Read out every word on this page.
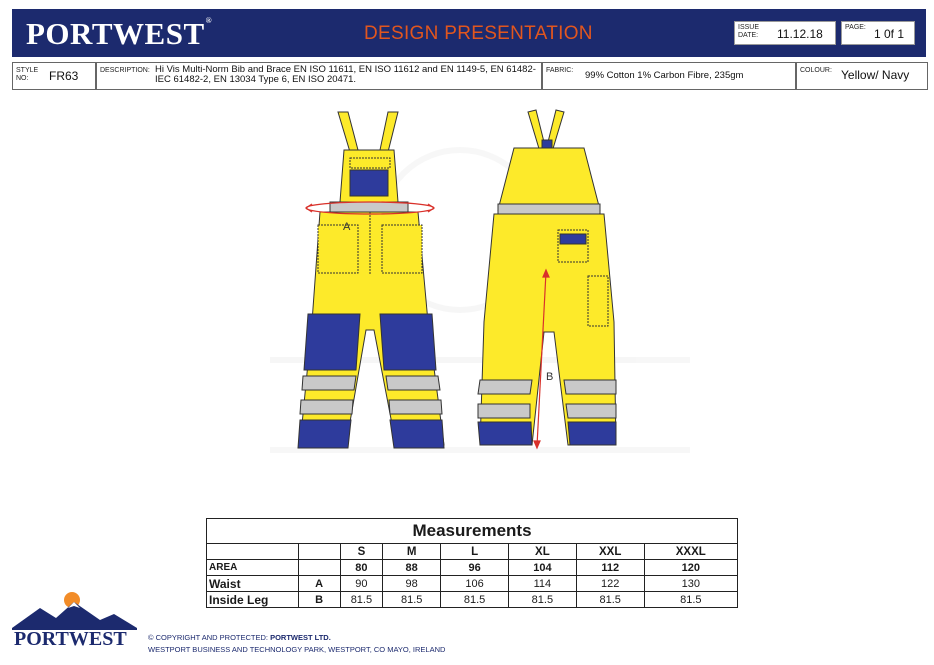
PORTWEST®
DESIGN PRESENTATION	ISSUE DATE:	11.12.18	PAGE: 1 0f 1
STYLE NO:	FR63	DESCRIPTION: Hi Vis Multi-Norm Bib and Brace EN ISO 11611, EN ISO 11612 and EN 1149-5, EN 61482-IEC 61482-2, EN 13034 Type 6, EN ISO 20471.
FABRIC: 99% Cotton 1% Carbon Fibre, 235gm	COLOUR: Yellow/ Navy
A
B
Measurements							
		S	M	L	XL	XXL	XXXL
AREA		80	88	96	104	112	120
Waist	A	90	98	106	114	122	130
Inside Leg	B	81.5	81.5	81.5	81.5	81.5	81.5
PORTWEST	© COPYRIGHT AND PROTECTED: PORTWEST LTD.
WESTPORT BUSINESS AND TECHNOLOGY PARK, WESTPORT, CO MAYO, IRELAND
